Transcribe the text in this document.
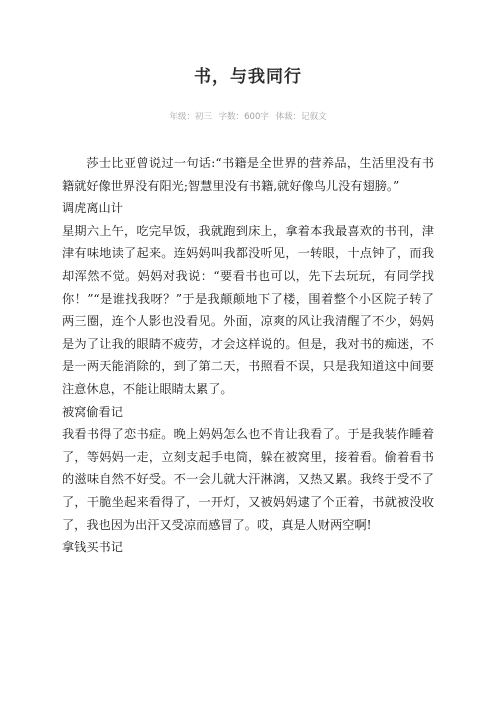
书，与我同行
年级：初三 字数：600字 体裁：记叙文

莎士比亚曾说过一句话:“书籍是全世界的营养品，生活里没有书籍就好像世界没有阳光;智慧里没有书籍,就好像鸟儿没有翅膀。”

调虎离山计

星期六上午，吃完早饭，我就跑到床上，拿着本我最喜欢的书刊，津津有味地读了起来。连妈妈叫我都没听见，一转眼，十点钟了，而我却浑然不觉。妈妈对我说：“要看书也可以，先下去玩玩，有同学找你！”“是谁找我呀？”于是我颠颠地下了楼，围着整个小区院子转了两三圈，连个人影也没看见。外面，凉爽的风让我清醒了不少，妈妈是为了让我的眼睛不疲劳，才会这样说的。但是，我对书的痴迷，不是一两天能消除的，到了第二天，书照看不误，只是我知道这中间要注意休息，不能让眼睛太累了。

被窝偷看记

我看书得了恋书症。晚上妈妈怎么也不肯让我看了。于是我装作睡着了，等妈妈一走，立刻支起手电筒，躲在被窝里，接着看。偷着看书的滋味自然不好受。不一会儿就大汗淋漓，又热又累。我终于受不了了，干脆坐起来看得了，一开灯，又被妈妈逮了个正着，书就被没收了，我也因为出汗又受凉而感冒了。哎，真是人财两空啊!

拿钱买书记
